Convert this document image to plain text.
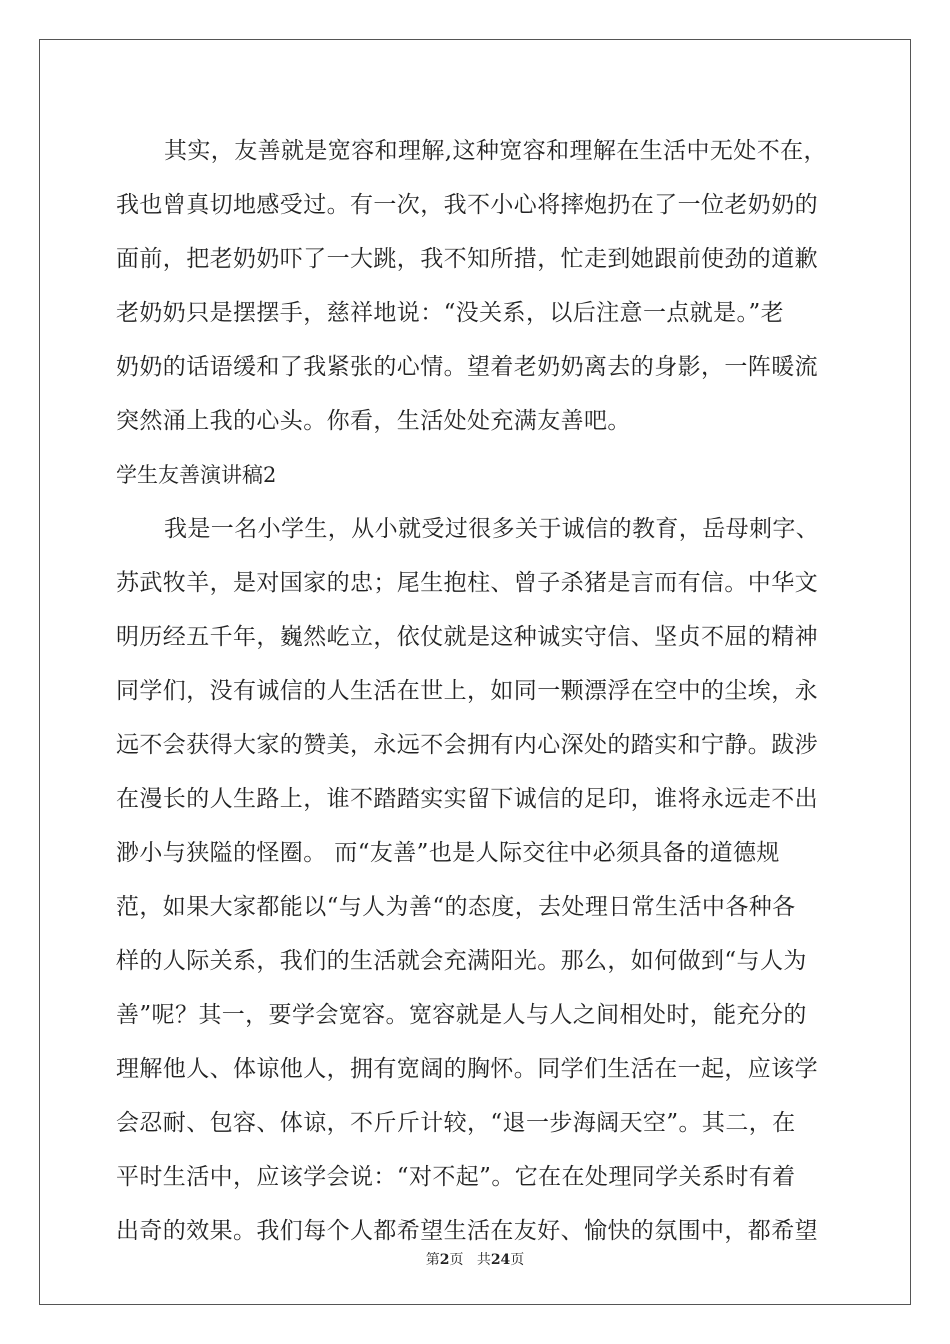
其实，友善就是宽容和理解,这种宽容和理解在生活中无处不在，
我也曾真切地感受过。有一次，我不小心将摔炮扔在了一位老奶奶的
面前，把老奶奶吓了一大跳，我不知所措，忙走到她跟前使劲的道歉
老奶奶只是摆摆手，慈祥地说：“没关系，以后注意一点就是。”老
奶奶的话语缓和了我紧张的心情。望着老奶奶离去的身影，一阵暖流
突然涌上我的心头。你看，生活处处充满友善吧。
学生友善演讲稿2
我是一名小学生，从小就受过很多关于诚信的教育，岳母刺字、
苏武牧羊，是对国家的忠；尾生抱柱、曾子杀猪是言而有信。中华文
明历经五千年，巍然屹立，依仗就是这种诚实守信、坚贞不屈的精神
同学们，没有诚信的人生活在世上，如同一颗漂浮在空中的尘埃，永
远不会获得大家的赞美，永远不会拥有内心深处的踏实和宁静。跋涉
在漫长的人生路上，谁不踏踏实实留下诚信的足印，谁将永远走不出
渺小与狭隘的怪圈。 而“友善”也是人际交往中必须具备的道德规
范，如果大家都能以“与人为善“的态度，去处理日常生活中各种各
样的人际关系，我们的生活就会充满阳光。那么，如何做到“与人为
善”呢？其一，要学会宽容。宽容就是人与人之间相处时，能充分的
理解他人、体谅他人，拥有宽阔的胸怀。同学们生活在一起，应该学
会忍耐、包容、体谅，不斤斤计较，“退一步海阔天空”。其二，在
平时生活中，应该学会说：“对不起”。它在在处理同学关系时有着
出奇的效果。我们每个人都希望生活在友好、愉快的氛围中，都希望
第2页 共24页
